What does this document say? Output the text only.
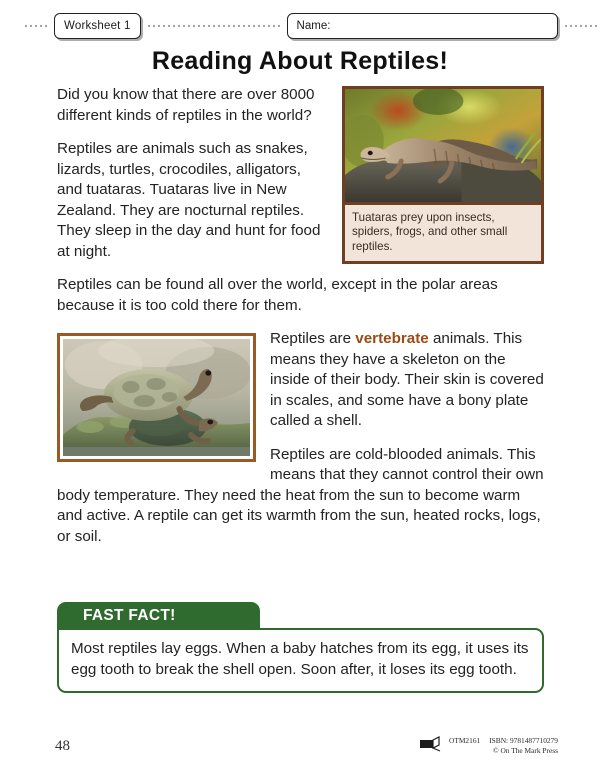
Worksheet 1	Name:
Reading About Reptiles!
Tuataras prey upon insects, spiders, frogs, and other small reptiles.

Did you know that there are over 8000 different kinds of reptiles in the world?

Reptiles are animals such as snakes, lizards, turtles, crocodiles, alligators, and tuataras. Tuataras live in New Zealand. They are nocturnal reptiles. They sleep in the day and hunt for food at night.

Reptiles can be found all over the world, except in the polar areas because it is too cold there for them.

Reptiles are vertebrate animals. This means they have a skeleton on the inside of their body. Their skin is covered in scales, and some have a bony plate called a shell.

Reptiles are cold-blooded animals. This means that they cannot control their own body temperature. They need the heat from the sun to become warm and active. A reptile can get its warmth from the sun, heated rocks, logs, or soil.

FAST FACT!

Most reptiles lay eggs. When a baby hatches from its egg, it uses its egg tooth to break the shell open. Soon after, it loses its egg tooth.

48	OTM2161 ISBN: 9781487710279
© On The Mark Press
